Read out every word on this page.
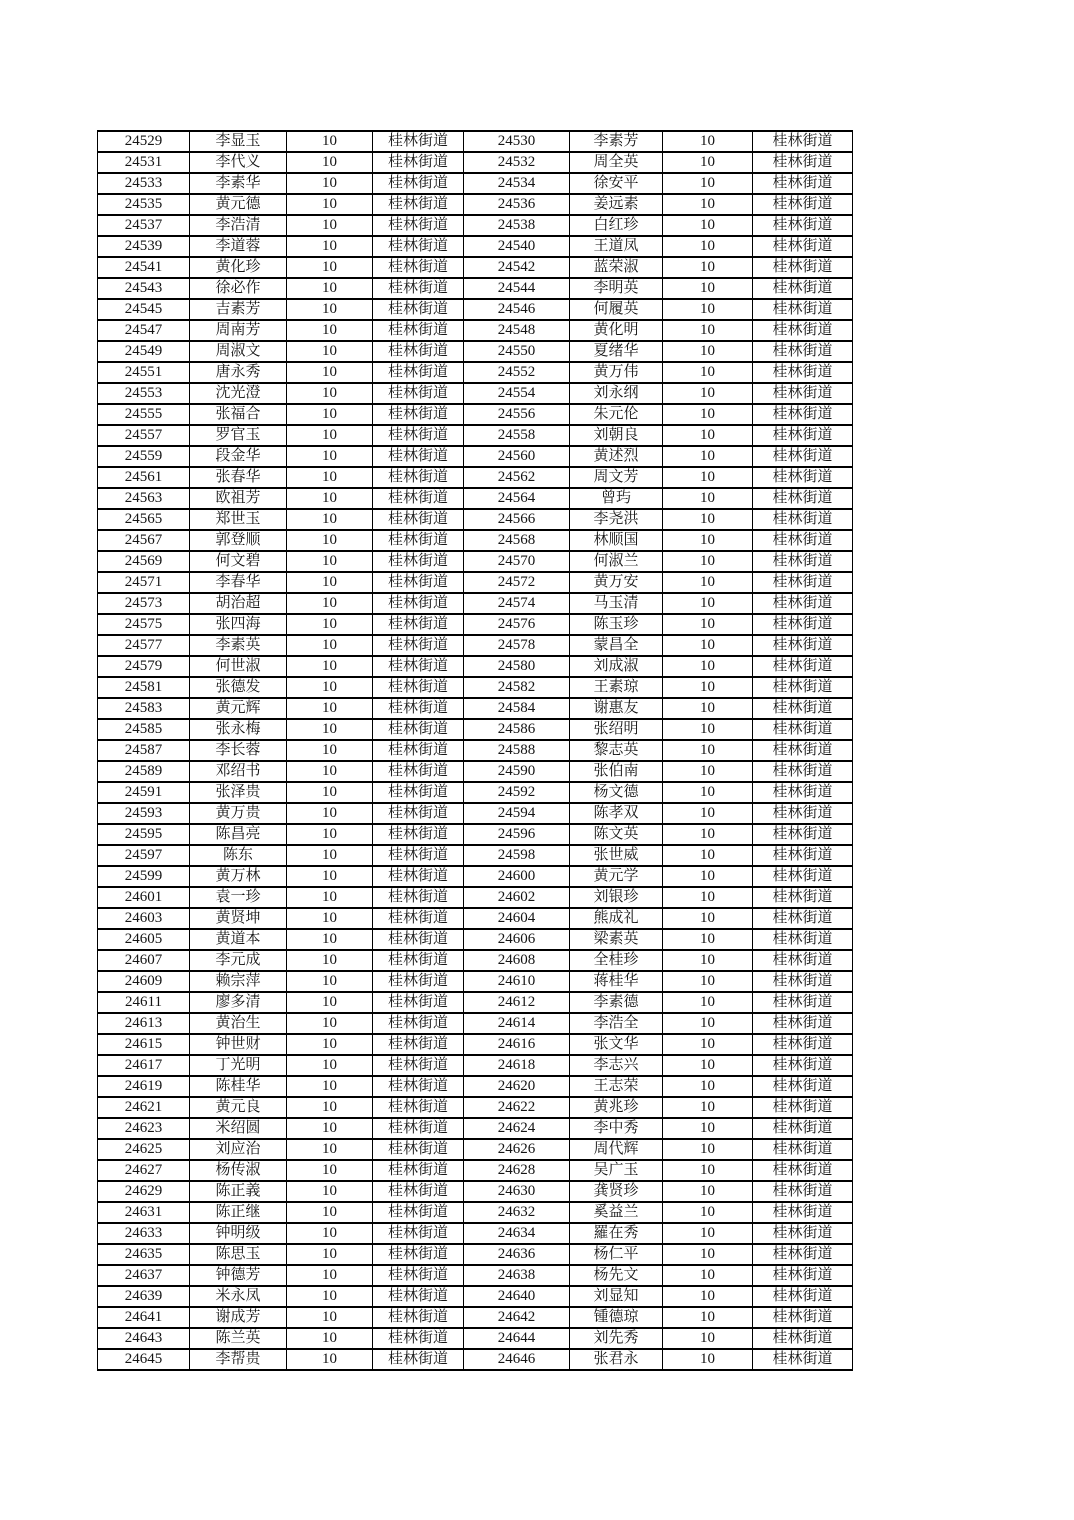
24529	李显玉	10	桂林街道	24530	李素芳	10	桂林街道
24531	李代义	10	桂林街道	24532	周全英	10	桂林街道
24533	李素华	10	桂林街道	24534	徐安平	10	桂林街道
24535	黄元德	10	桂林街道	24536	姜远素	10	桂林街道
24537	李浩清	10	桂林街道	24538	白红珍	10	桂林街道
24539	李道蓉	10	桂林街道	24540	王道凤	10	桂林街道
24541	黄化珍	10	桂林街道	24542	蓝荣淑	10	桂林街道
24543	徐必作	10	桂林街道	24544	李明英	10	桂林街道
24545	吉素芳	10	桂林街道	24546	何履英	10	桂林街道
24547	周南芳	10	桂林街道	24548	黄化明	10	桂林街道
24549	周淑文	10	桂林街道	24550	夏绪华	10	桂林街道
24551	唐永秀	10	桂林街道	24552	黄万伟	10	桂林街道
24553	沈光澄	10	桂林街道	24554	刘永纲	10	桂林街道
24555	张福合	10	桂林街道	24556	朱元伦	10	桂林街道
24557	罗官玉	10	桂林街道	24558	刘朝良	10	桂林街道
24559	段金华	10	桂林街道	24560	黄述烈	10	桂林街道
24561	张春华	10	桂林街道	24562	周文芳	10	桂林街道
24563	欧祖芳	10	桂林街道	24564	曾玙	10	桂林街道
24565	郑世玉	10	桂林街道	24566	李尧洪	10	桂林街道
24567	郭登顺	10	桂林街道	24568	林顺国	10	桂林街道
24569	何文碧	10	桂林街道	24570	何淑兰	10	桂林街道
24571	李春华	10	桂林街道	24572	黄万安	10	桂林街道
24573	胡治超	10	桂林街道	24574	马玉清	10	桂林街道
24575	张四海	10	桂林街道	24576	陈玉珍	10	桂林街道
24577	李素英	10	桂林街道	24578	蒙昌全	10	桂林街道
24579	何世淑	10	桂林街道	24580	刘成淑	10	桂林街道
24581	张德发	10	桂林街道	24582	王素琼	10	桂林街道
24583	黄元辉	10	桂林街道	24584	谢惠友	10	桂林街道
24585	张永梅	10	桂林街道	24586	张绍明	10	桂林街道
24587	李长蓉	10	桂林街道	24588	黎志英	10	桂林街道
24589	邓绍书	10	桂林街道	24590	张伯南	10	桂林街道
24591	张泽贵	10	桂林街道	24592	杨文德	10	桂林街道
24593	黄万贵	10	桂林街道	24594	陈孝双	10	桂林街道
24595	陈昌亮	10	桂林街道	24596	陈文英	10	桂林街道
24597	陈东	10	桂林街道	24598	张世威	10	桂林街道
24599	黄万林	10	桂林街道	24600	黄元学	10	桂林街道
24601	袁一珍	10	桂林街道	24602	刘银珍	10	桂林街道
24603	黄贤坤	10	桂林街道	24604	熊成礼	10	桂林街道
24605	黄道本	10	桂林街道	24606	梁素英	10	桂林街道
24607	李元成	10	桂林街道	24608	全桂珍	10	桂林街道
24609	赖宗萍	10	桂林街道	24610	蒋桂华	10	桂林街道
24611	廖多清	10	桂林街道	24612	李素德	10	桂林街道
24613	黄治生	10	桂林街道	24614	李浩全	10	桂林街道
24615	钟世财	10	桂林街道	24616	张文华	10	桂林街道
24617	丁光明	10	桂林街道	24618	李志兴	10	桂林街道
24619	陈桂华	10	桂林街道	24620	王志荣	10	桂林街道
24621	黄元良	10	桂林街道	24622	黄兆珍	10	桂林街道
24623	米绍圆	10	桂林街道	24624	李中秀	10	桂林街道
24625	刘应治	10	桂林街道	24626	周代辉	10	桂林街道
24627	杨传淑	10	桂林街道	24628	吴广玉	10	桂林街道
24629	陈正義	10	桂林街道	24630	龚贤珍	10	桂林街道
24631	陈正继	10	桂林街道	24632	奚益兰	10	桂林街道
24633	钟明级	10	桂林街道	24634	羅在秀	10	桂林街道
24635	陈思玉	10	桂林街道	24636	杨仁平	10	桂林街道
24637	钟德芳	10	桂林街道	24638	杨先文	10	桂林街道
24639	米永凤	10	桂林街道	24640	刘显知	10	桂林街道
24641	谢成芳	10	桂林街道	24642	锺德琼	10	桂林街道
24643	陈兰英	10	桂林街道	24644	刘先秀	10	桂林街道
24645	李帮贵	10	桂林街道	24646	张君永	10	桂林街道
